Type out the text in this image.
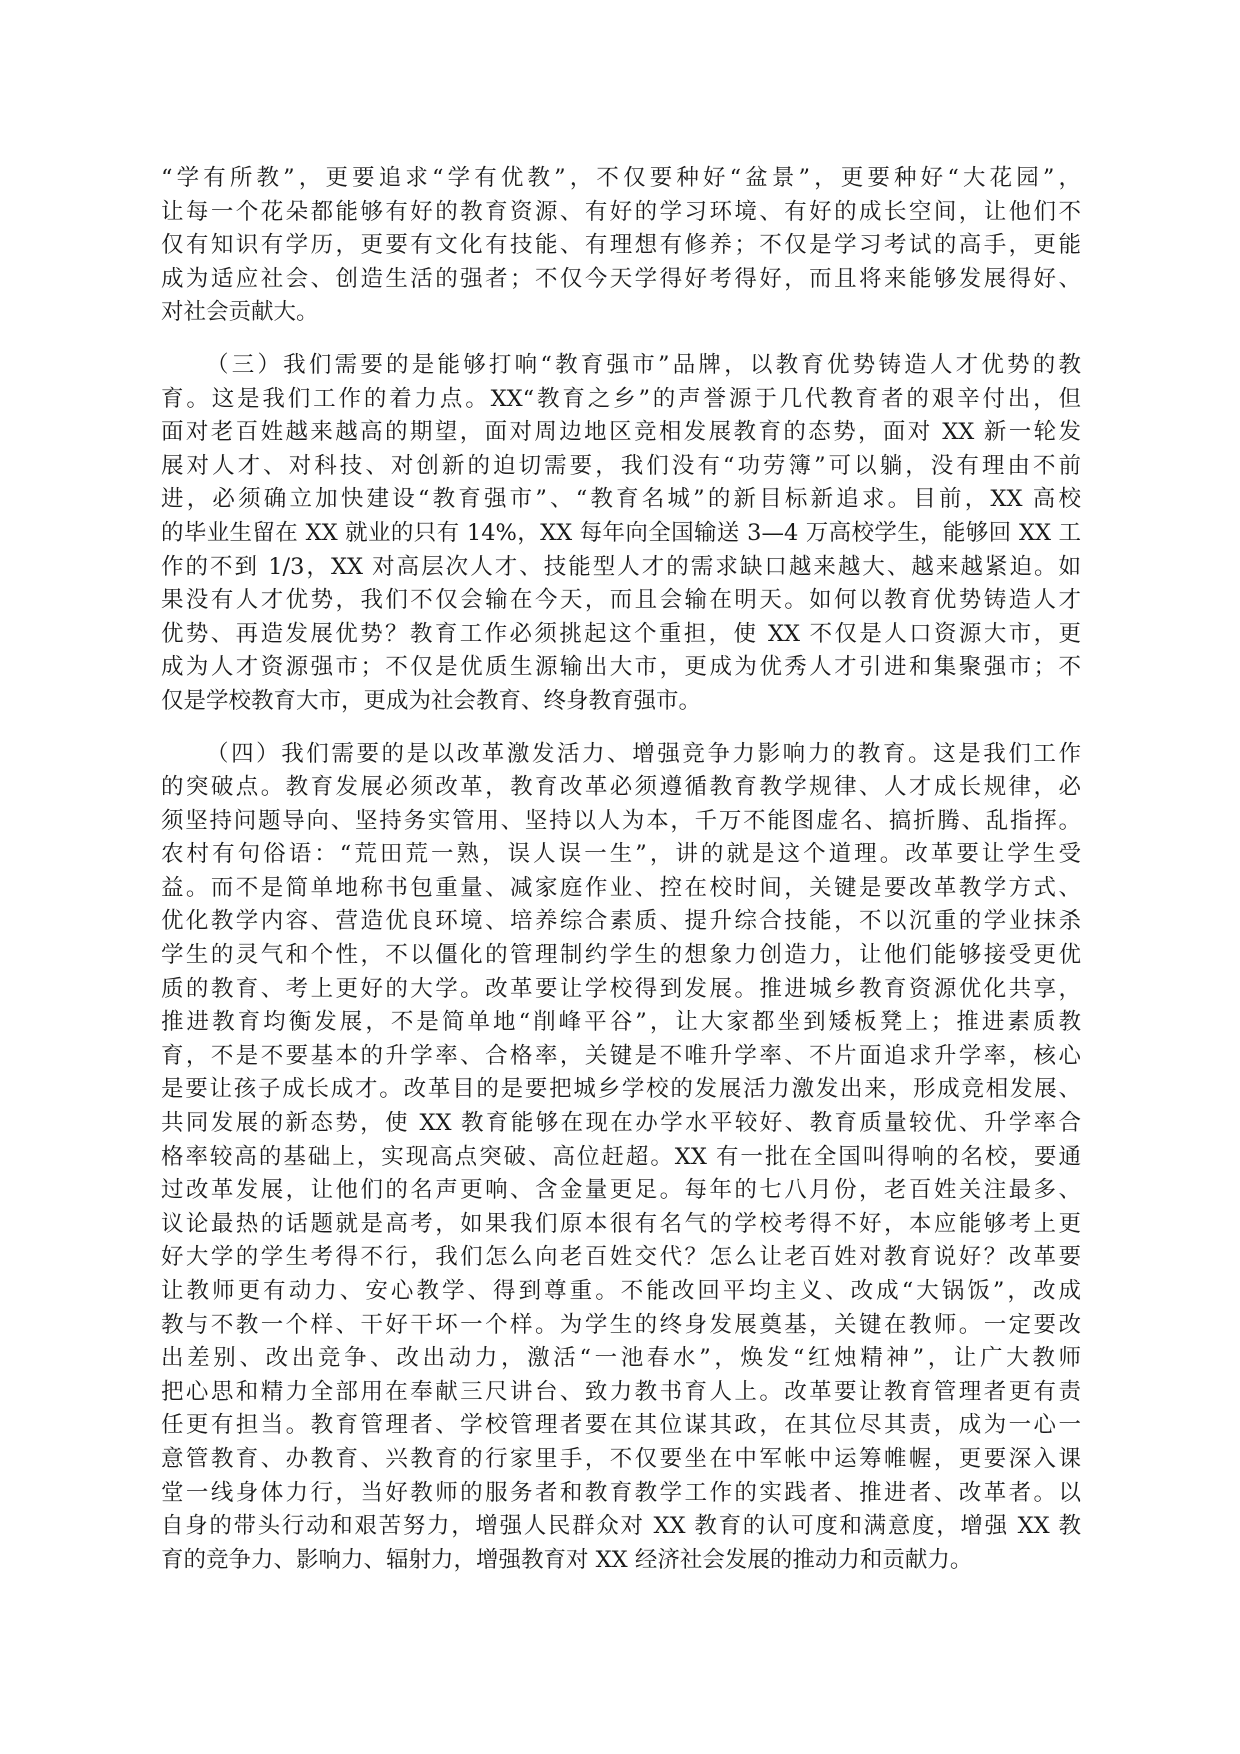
“学有所教”，更要追求“学有优教”，不仅要种好“盆景”，更要种好“大花园”，
让每一个花朵都能够有好的教育资源、有好的学习环境、有好的成长空间，让他们不
仅有知识有学历，更要有文化有技能、有理想有修养；不仅是学习考试的高手，更能
成为适应社会、创造生活的强者；不仅今天学得好考得好，而且将来能够发展得好、
对社会贡献大。
（三）我们需要的是能够打响“教育强市”品牌，以教育优势铸造人才优势的教
育。这是我们工作的着力点。XX“教育之乡”的声誉源于几代教育者的艰辛付出，但
面对老百姓越来越高的期望，面对周边地区竞相发展教育的态势，面对 XX 新一轮发
展对人才、对科技、对创新的迫切需要，我们没有“功劳簿”可以躺，没有理由不前
进，必须确立加快建设“教育强市”、“教育名城”的新目标新追求。目前，XX 高校
的毕业生留在 XX 就业的只有 14%，XX 每年向全国输送 3—4 万高校学生，能够回 XX 工
作的不到 1/3，XX 对高层次人才、技能型人才的需求缺口越来越大、越来越紧迫。如
果没有人才优势，我们不仅会输在今天，而且会输在明天。如何以教育优势铸造人才
优势、再造发展优势？教育工作必须挑起这个重担，使 XX 不仅是人口资源大市，更
成为人才资源强市；不仅是优质生源输出大市，更成为优秀人才引进和集聚强市；不
仅是学校教育大市，更成为社会教育、终身教育强市。
（四）我们需要的是以改革激发活力、增强竞争力影响力的教育。这是我们工作
的突破点。教育发展必须改革，教育改革必须遵循教育教学规律、人才成长规律，必
须坚持问题导向、坚持务实管用、坚持以人为本，千万不能图虚名、搞折腾、乱指挥。
农村有句俗语：“荒田荒一熟，误人误一生”，讲的就是这个道理。改革要让学生受
益。而不是简单地称书包重量、减家庭作业、控在校时间，关键是要改革教学方式、
优化教学内容、营造优良环境、培养综合素质、提升综合技能，不以沉重的学业抹杀
学生的灵气和个性，不以僵化的管理制约学生的想象力创造力，让他们能够接受更优
质的教育、考上更好的大学。改革要让学校得到发展。推进城乡教育资源优化共享，
推进教育均衡发展，不是简单地“削峰平谷”，让大家都坐到矮板凳上；推进素质教
育，不是不要基本的升学率、合格率，关键是不唯升学率、不片面追求升学率，核心
是要让孩子成长成才。改革目的是要把城乡学校的发展活力激发出来，形成竞相发展、
共同发展的新态势，使 XX 教育能够在现在办学水平较好、教育质量较优、升学率合
格率较高的基础上，实现高点突破、高位赶超。XX 有一批在全国叫得响的名校，要通
过改革发展，让他们的名声更响、含金量更足。每年的七八月份，老百姓关注最多、
议论最热的话题就是高考，如果我们原本很有名气的学校考得不好，本应能够考上更
好大学的学生考得不行，我们怎么向老百姓交代？怎么让老百姓对教育说好？改革要
让教师更有动力、安心教学、得到尊重。不能改回平均主义、改成“大锅饭”，改成
教与不教一个样、干好干坏一个样。为学生的终身发展奠基，关键在教师。一定要改
出差别、改出竞争、改出动力，激活“一池春水”，焕发“红烛精神”，让广大教师
把心思和精力全部用在奉献三尺讲台、致力教书育人上。改革要让教育管理者更有责
任更有担当。教育管理者、学校管理者要在其位谋其政，在其位尽其责，成为一心一
意管教育、办教育、兴教育的行家里手，不仅要坐在中军帐中运筹帷幄，更要深入课
堂一线身体力行，当好教师的服务者和教育教学工作的实践者、推进者、改革者。以
自身的带头行动和艰苦努力，增强人民群众对 XX 教育的认可度和满意度，增强 XX 教
育的竞争力、影响力、辐射力，增强教育对 XX 经济社会发展的推动力和贡献力。
